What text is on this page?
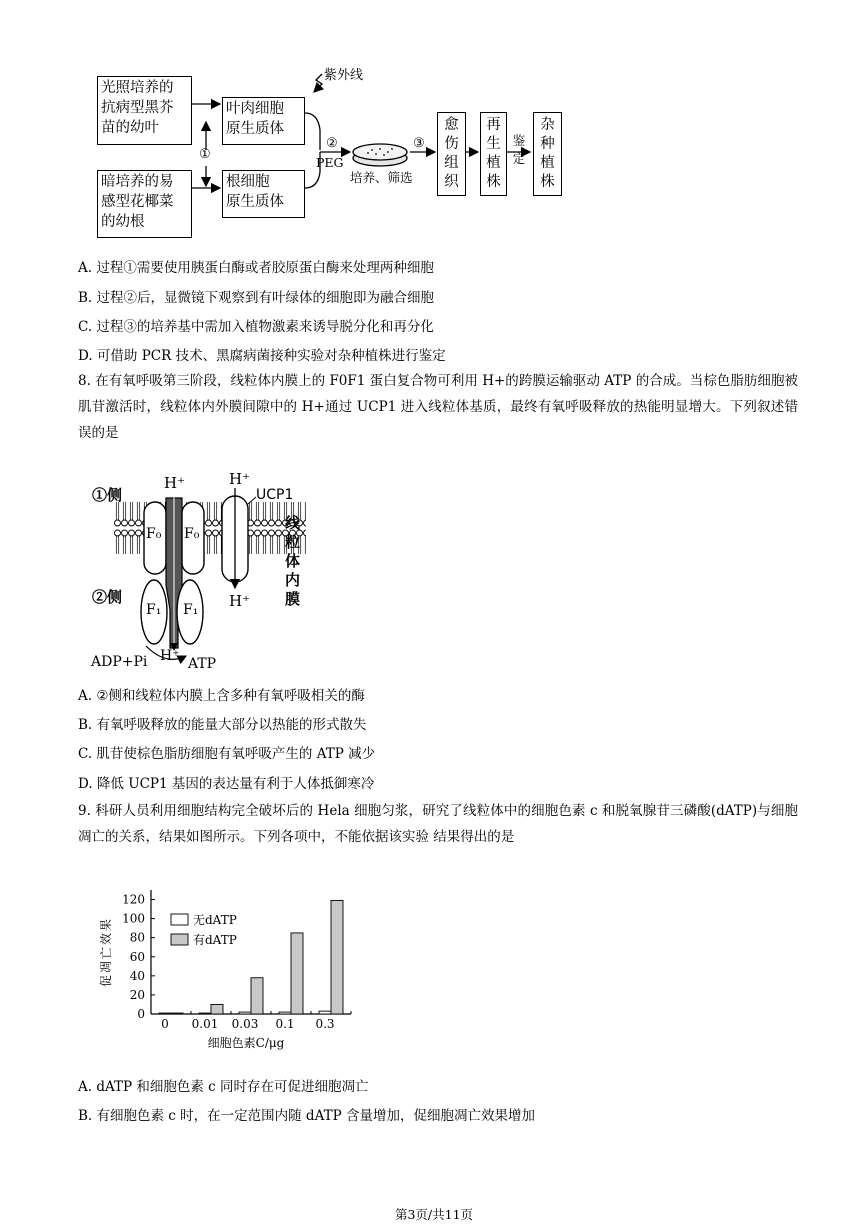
光照培养的
抗病型黑芥
苗的幼叶
暗培养的易
感型花椰菜
的幼根
叶肉细胞
原生质体
根细胞
原生质体
紫外线
①
②
PEG
③
培养、筛选
愈
伤
组
织
再
生
植
株
鉴
定
杂
种
植
株
A. 过程①需要使用胰蛋白酶或者胶原蛋白酶来处理两种细胞
B. 过程②后，显微镜下观察到有叶绿体的细胞即为融合细胞
C. 过程③的培养基中需加入植物激素来诱导脱分化和再分化
D. 可借助 PCR 技术、黑腐病菌接种实验对杂种植株进行鉴定
8. 在有氧呼吸第三阶段，线粒体内膜上的 F0F1 蛋白复合物可利用 H+的跨膜运输驱动 ATP 的合成。当棕色脂肪细胞被肌苷激活时，线粒体内外膜间隙中的 H+通过 UCP1 进入线粒体基质，最终有氧呼吸释放的热能明显增大。下列叙述错误的是
①侧
②侧
H⁺	H⁺
UCP1
F₀ F₀
F₁ F₁ H⁺
H⁺
ADP+Pi	ATP
线
粒
体
内
膜
A. ②侧和线粒体内膜上含多种有氧呼吸相关的酶
B. 有氧呼吸释放的能量大部分以热能的形式散失
C. 肌苷使棕色脂肪细胞有氧呼吸产生的 ATP 减少
D. 降低 UCP1 基因的表达量有利于人体抵御寒冷
9. 科研人员利用细胞结构完全破坏后的 Hela 细胞匀浆，研究了线粒体中的细胞色素 c 和脱氧腺苷三磷酸(dATP)与细胞凋亡的关系，结果如图所示。下列各项中，不能依据该实验 结果得出的是
0
20
40
60
80
100
120
0 0.01 0.03 0.1 0.3
无dATP
有dATP
细胞色素C/μg
促凋亡效果
A. dATP 和细胞色素 c 同时存在可促进细胞凋亡
B. 有细胞色素 c 时，在一定范围内随 dATP 含量增加，促细胞凋亡效果增加
第3页/共11页
